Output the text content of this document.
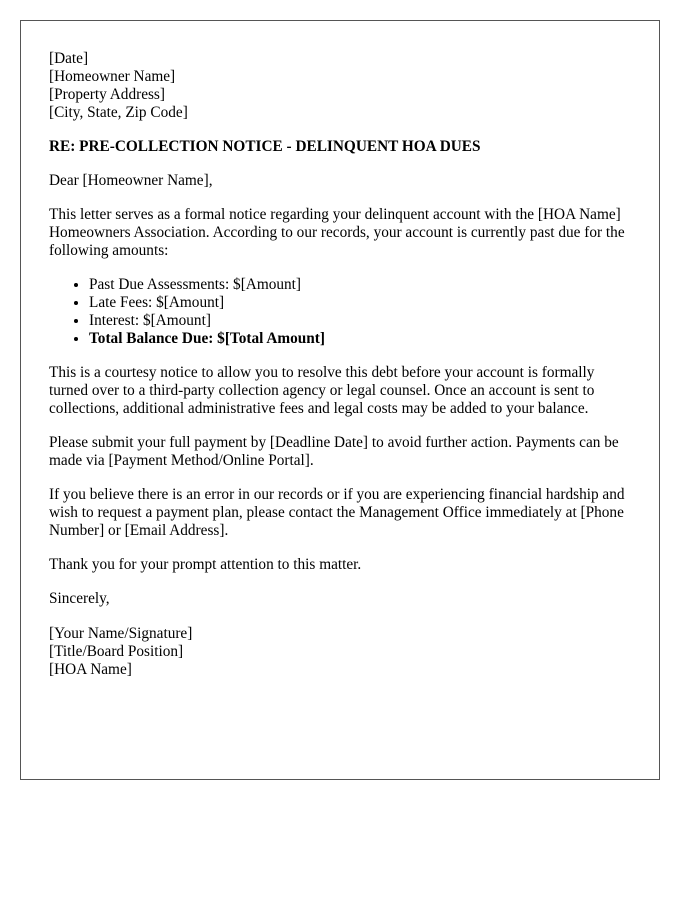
[Date]
[Homeowner Name]
[Property Address]
[City, State, Zip Code]

RE: PRE-COLLECTION NOTICE - DELINQUENT HOA DUES

Dear [Homeowner Name],

This letter serves as a formal notice regarding your delinquent account with the [HOA Name] Homeowners Association. According to our records, your account is currently past due for the following amounts:

• Past Due Assessments: $[Amount]
• Late Fees: $[Amount]
• Interest: $[Amount]
• Total Balance Due: $[Total Amount]

This is a courtesy notice to allow you to resolve this debt before your account is formally turned over to a third-party collection agency or legal counsel. Once an account is sent to collections, additional administrative fees and legal costs may be added to your balance.

Please submit your full payment by [Deadline Date] to avoid further action. Payments can be made via [Payment Method/Online Portal].

If you believe there is an error in our records or if you are experiencing financial hardship and wish to request a payment plan, please contact the Management Office immediately at [Phone Number] or [Email Address].

Thank you for your prompt attention to this matter.

Sincerely,

[Your Name/Signature]
[Title/Board Position]
[HOA Name]
